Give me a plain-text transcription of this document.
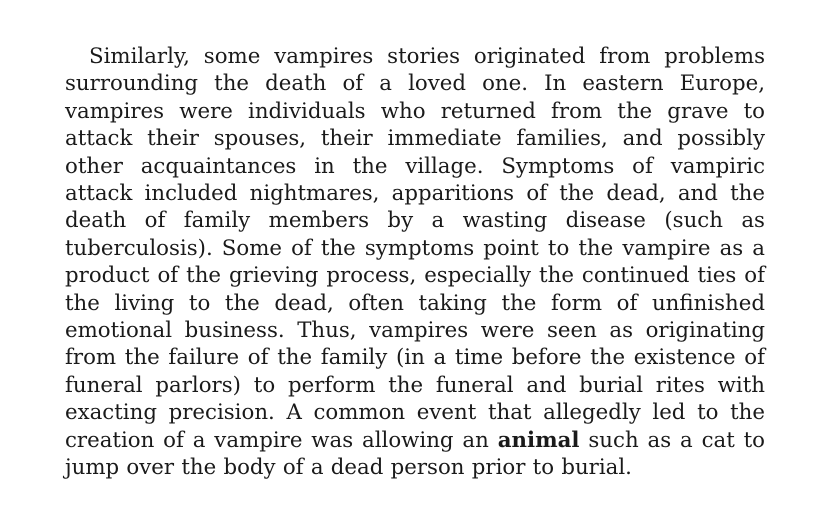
Similarly, some vampires stories originated from problems surrounding the death of a loved one. In eastern Europe, vampires were individuals who returned from the grave to attack their spouses, their immediate families, and possibly other acquaintances in the village. Symptoms of vampiric attack included nightmares, apparitions of the dead, and the death of family members by a wasting disease (such as tuberculosis). Some of the symptoms point to the vampire as a product of the grieving process, especially the continued ties of the living to the dead, often taking the form of unfinished emotional business. Thus, vampires were seen as originating from the failure of the family (in a time before the existence of funeral parlors) to perform the funeral and burial rites with exacting precision. A common event that allegedly led to the creation of a vampire was allowing an animal such as a cat to jump over the body of a dead person prior to burial.
